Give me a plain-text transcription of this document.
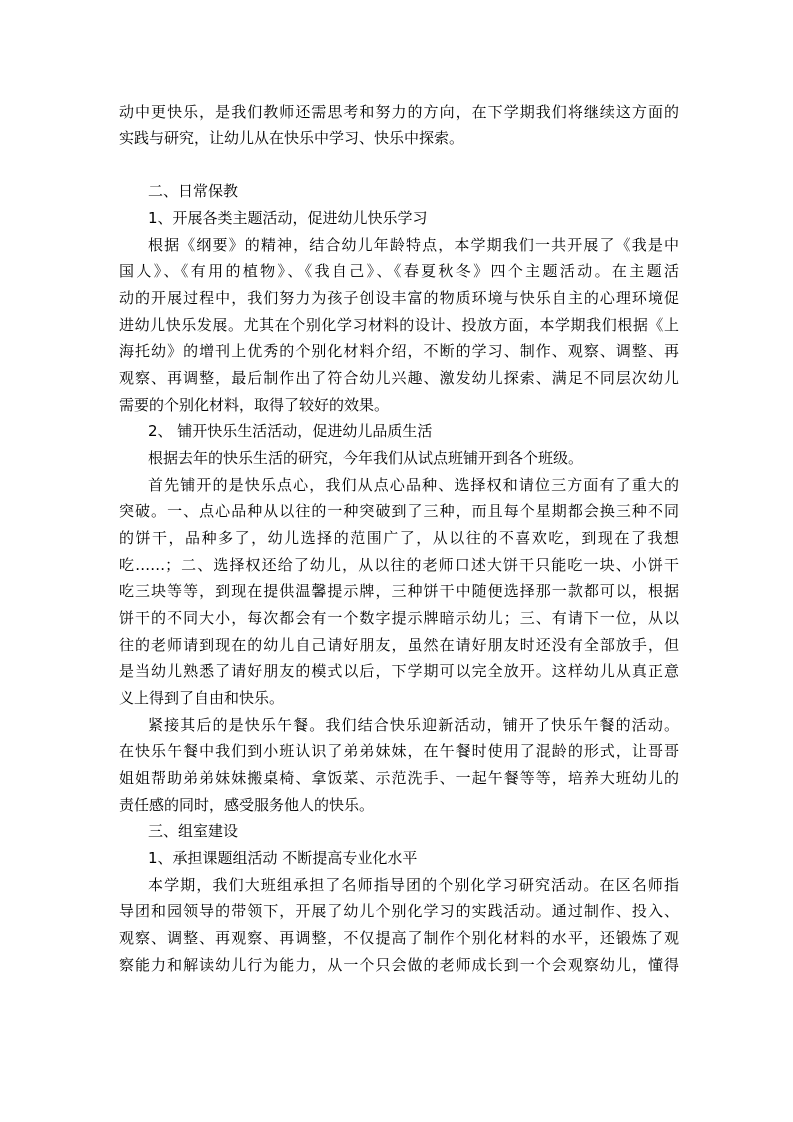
动中更快乐，是我们教师还需思考和努力的方向，在下学期我们将继续这方面的
实践与研究，让幼儿从在快乐中学习、快乐中探索。
二、日常保教
1、开展各类主题活动，促进幼儿快乐学习
根据《纲要》的精神，结合幼儿年龄特点，本学期我们一共开展了《我是中
国人》、《有用的植物》、《我自己》、《春夏秋冬》四个主题活动。在主题活
动的开展过程中，我们努力为孩子创设丰富的物质环境与快乐自主的心理环境促
进幼儿快乐发展。尤其在个别化学习材料的设计、投放方面，本学期我们根据《上
海托幼》的增刊上优秀的个别化材料介绍，不断的学习、制作、观察、调整、再
观察、再调整，最后制作出了符合幼儿兴趣、激发幼儿探索、满足不同层次幼儿
需要的个别化材料，取得了较好的效果。
2、 铺开快乐生活活动，促进幼儿品质生活
根据去年的快乐生活的研究，今年我们从试点班铺开到各个班级。
首先铺开的是快乐点心，我们从点心品种、选择权和请位三方面有了重大的
突破。一、点心品种从以往的一种突破到了三种，而且每个星期都会换三种不同
的饼干，品种多了，幼儿选择的范围广了，从以往的不喜欢吃，到现在了我想
吃……；二、选择权还给了幼儿，从以往的老师口述大饼干只能吃一块、小饼干
吃三块等等，到现在提供温馨提示牌，三种饼干中随便选择那一款都可以，根据
饼干的不同大小，每次都会有一个数字提示牌暗示幼儿；三、有请下一位，从以
往的老师请到现在的幼儿自己请好朋友，虽然在请好朋友时还没有全部放手，但
是当幼儿熟悉了请好朋友的模式以后，下学期可以完全放开。这样幼儿从真正意
义上得到了自由和快乐。
紧接其后的是快乐午餐。我们结合快乐迎新活动，铺开了快乐午餐的活动。
在快乐午餐中我们到小班认识了弟弟妹妹，在午餐时使用了混龄的形式，让哥哥
姐姐帮助弟弟妹妹搬桌椅、拿饭菜、示范洗手、一起午餐等等，培养大班幼儿的
责任感的同时，感受服务他人的快乐。
三、组室建设
1、承担课题组活动 不断提高专业化水平
本学期，我们大班组承担了名师指导团的个别化学习研究活动。在区名师指
导团和园领导的带领下，开展了幼儿个别化学习的实践活动。通过制作、投入、
观察、调整、再观察、再调整，不仅提高了制作个别化材料的水平，还锻炼了观
察能力和解读幼儿行为能力，从一个只会做的老师成长到一个会观察幼儿，懂得
